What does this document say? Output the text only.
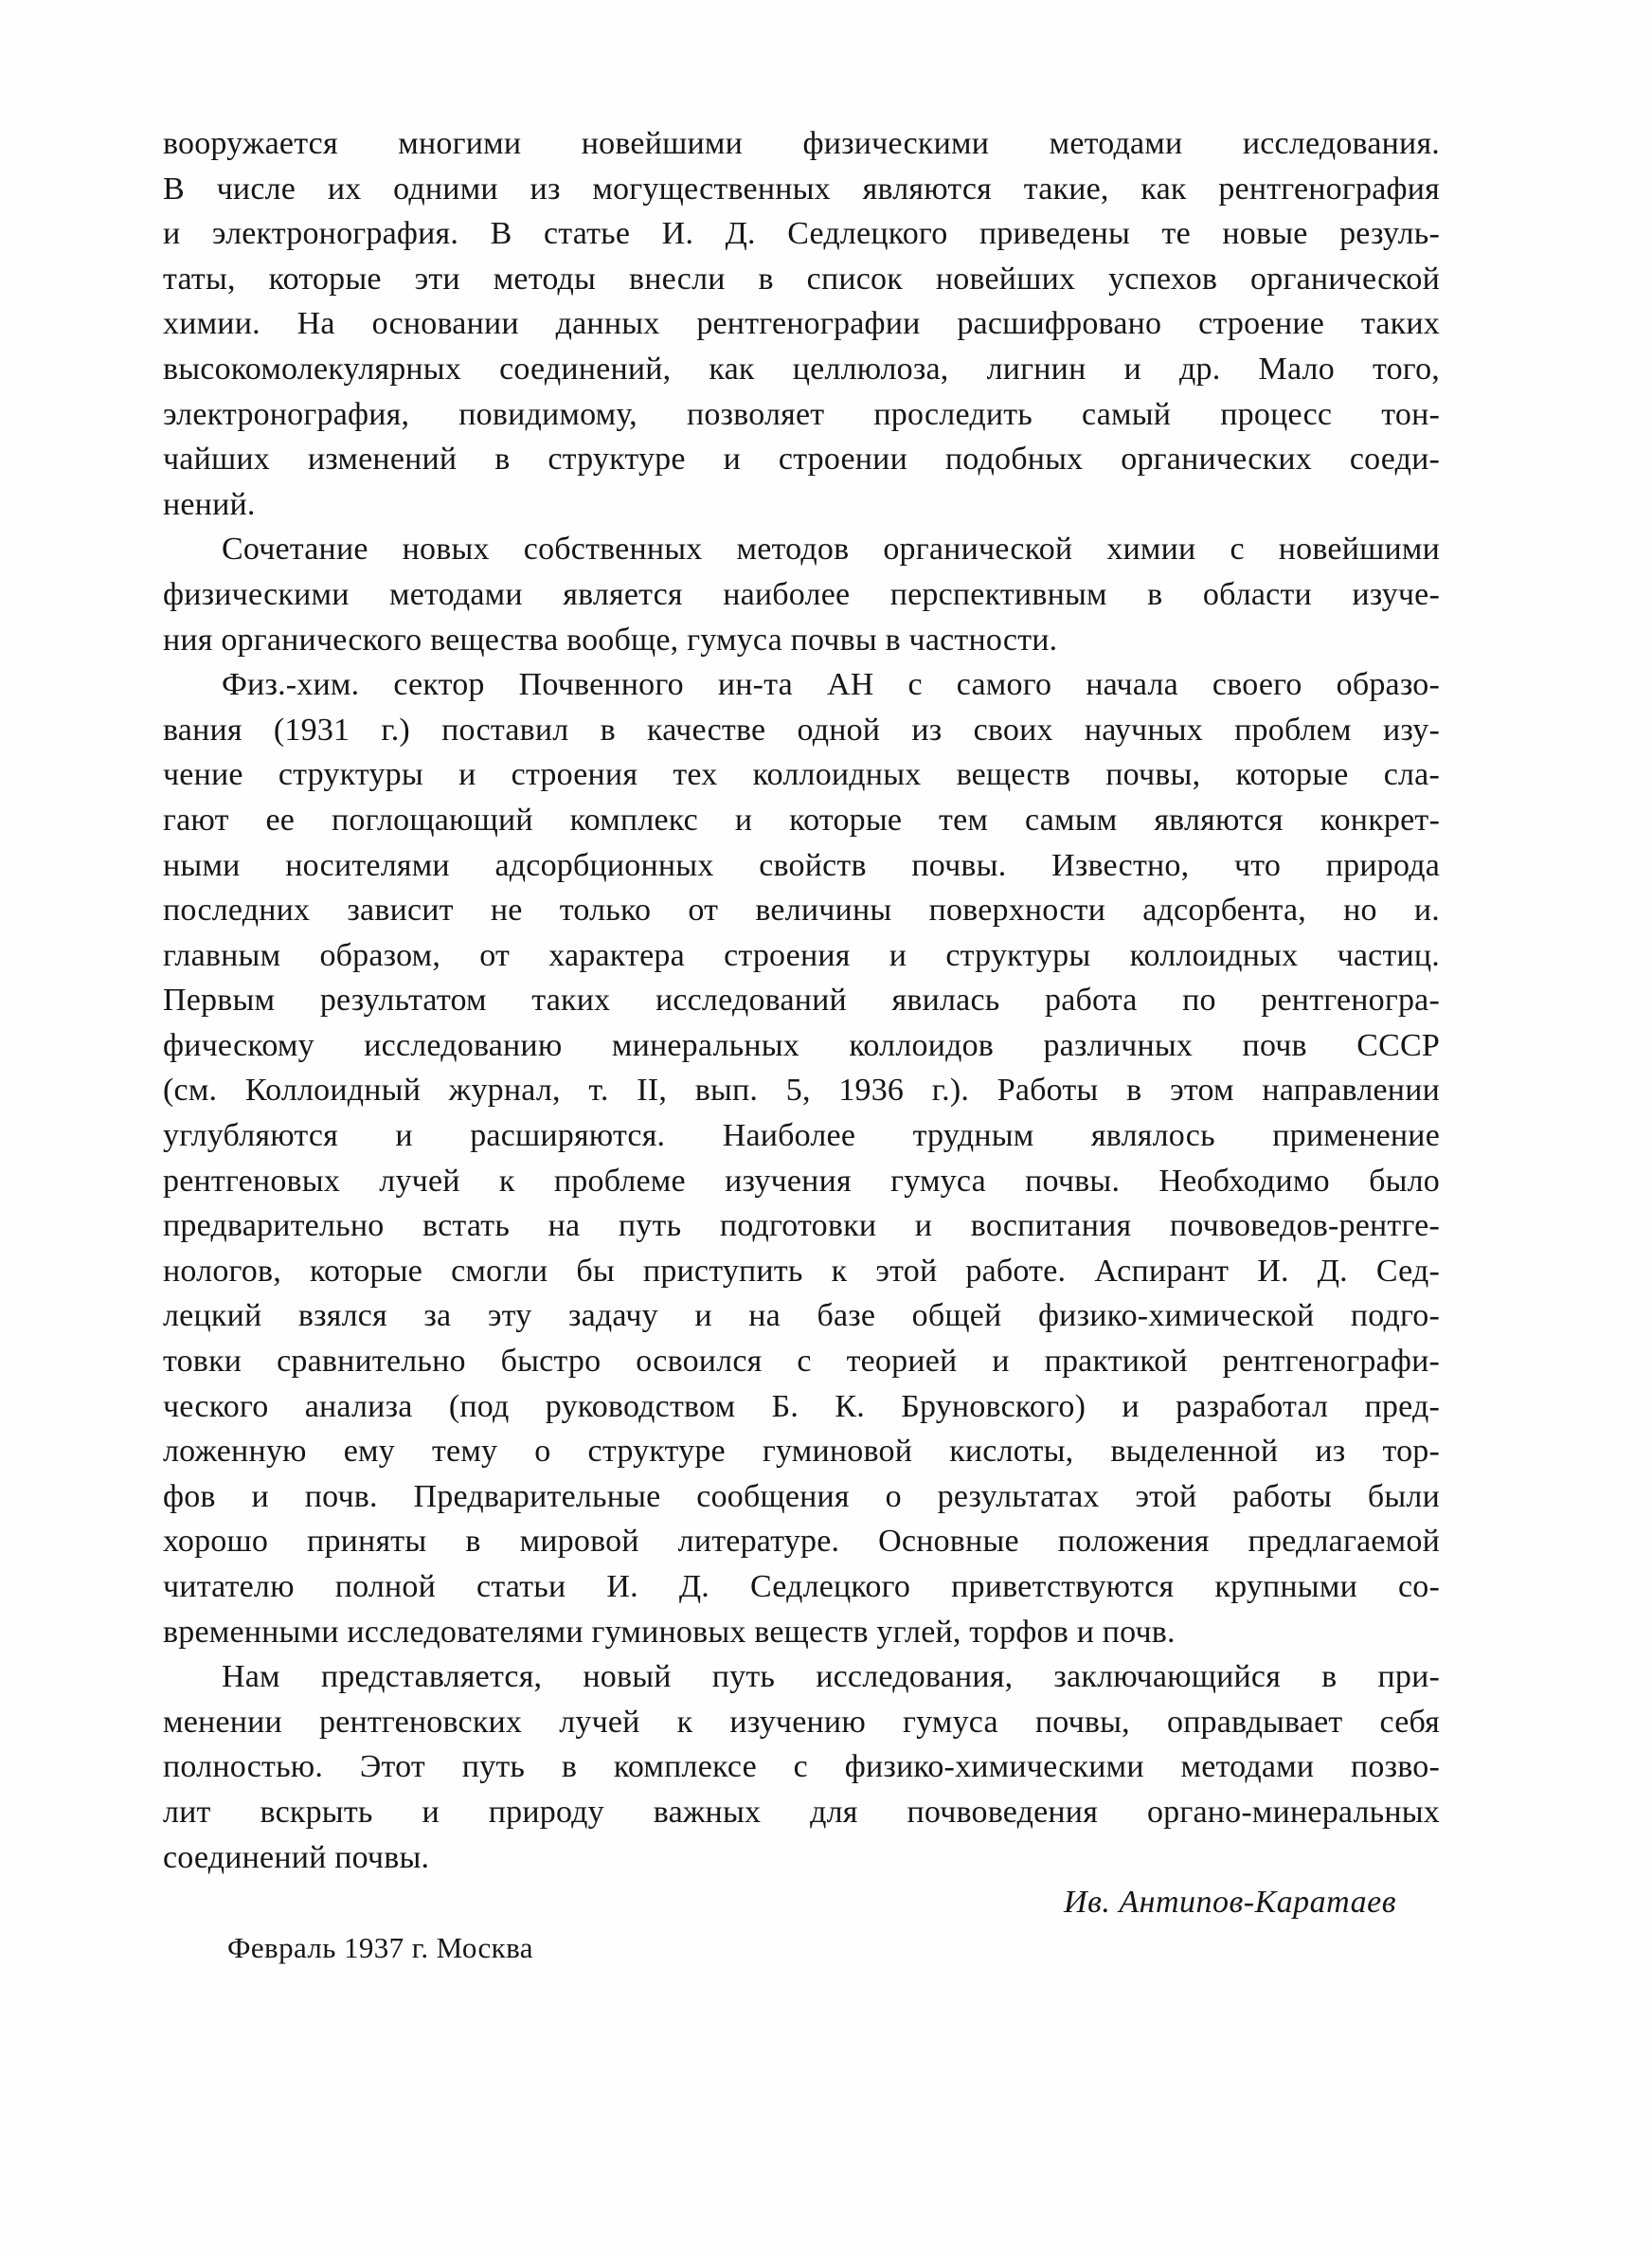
вооружается многими новейшими физическими методами исследования.
В числе их одними из могущественных являются такие, как рентгенография
и электронография. В статье И. Д. Седлецкого приведены те новые резуль-
таты, которые эти методы внесли в список новейших успехов органической
химии. На основании данных рентгенографии расшифровано строение таких
высокомолекулярных соединений, как целлюлоза, лигнин и др. Мало того,
электронография, повидимому, позволяет проследить самый процесс тон-
чайших изменений в структуре и строении подобных органических соеди-
нений.
Сочетание новых собственных методов органической химии с новейшими
физическими методами является наиболее перспективным в области изуче-
ния органического вещества вообще, гумуса почвы в частности.
Физ.-хим. сектор Почвенного ин-та АН с самого начала своего образо-
вания (1931 г.) поставил в качестве одной из своих научных проблем изу-
чение структуры и строения тех коллоидных веществ почвы, которые сла-
гают ее поглощающий комплекс и которые тем самым являются конкрет-
ными носителями адсорбционных свойств почвы. Известно, что природа
последних зависит не только от величины поверхности адсорбента, но и.
главным образом, от характера строения и структуры коллоидных частиц.
Первым результатом таких исследований явилась работа по рентгеногра-
фическому исследованию минеральных коллоидов различных почв СССР
(см. Коллоидный журнал, т. II, вып. 5, 1936 г.). Работы в этом направлении
углубляются и расширяются. Наиболее трудным являлось применение
рентгеновых лучей к проблеме изучения гумуса почвы. Необходимо было
предварительно встать на путь подготовки и воспитания почвоведов-рентге-
нологов, которые смогли бы приступить к этой работе. Аспирант И. Д. Сед-
лецкий взялся за эту задачу и на базе общей физико-химической подго-
товки сравнительно быстро освоился с теорией и практикой рентгенографи-
ческого анализа (под руководством Б. К. Бруновского) и разработал пред-
ложенную ему тему о структуре гуминовой кислоты, выделенной из тор-
фов и почв. Предварительные сообщения о результатах этой работы были
хорошо приняты в мировой литературе. Основные положения предлагаемой
читателю полной статьи И. Д. Седлецкого приветствуются крупными со-
временными исследователями гуминовых веществ углей, торфов и почв.
Нам представляется, новый путь исследования, заключающийся в при-
менении рентгеновских лучей к изучению гумуса почвы, оправдывает себя
полностью. Этот путь в комплексе с физико-химическими методами позво-
лит вскрыть и природу важных для почвоведения органо-минеральных
соединений почвы.
Ив. Антипов-Каратаев
Февраль 1937 г. Москва
